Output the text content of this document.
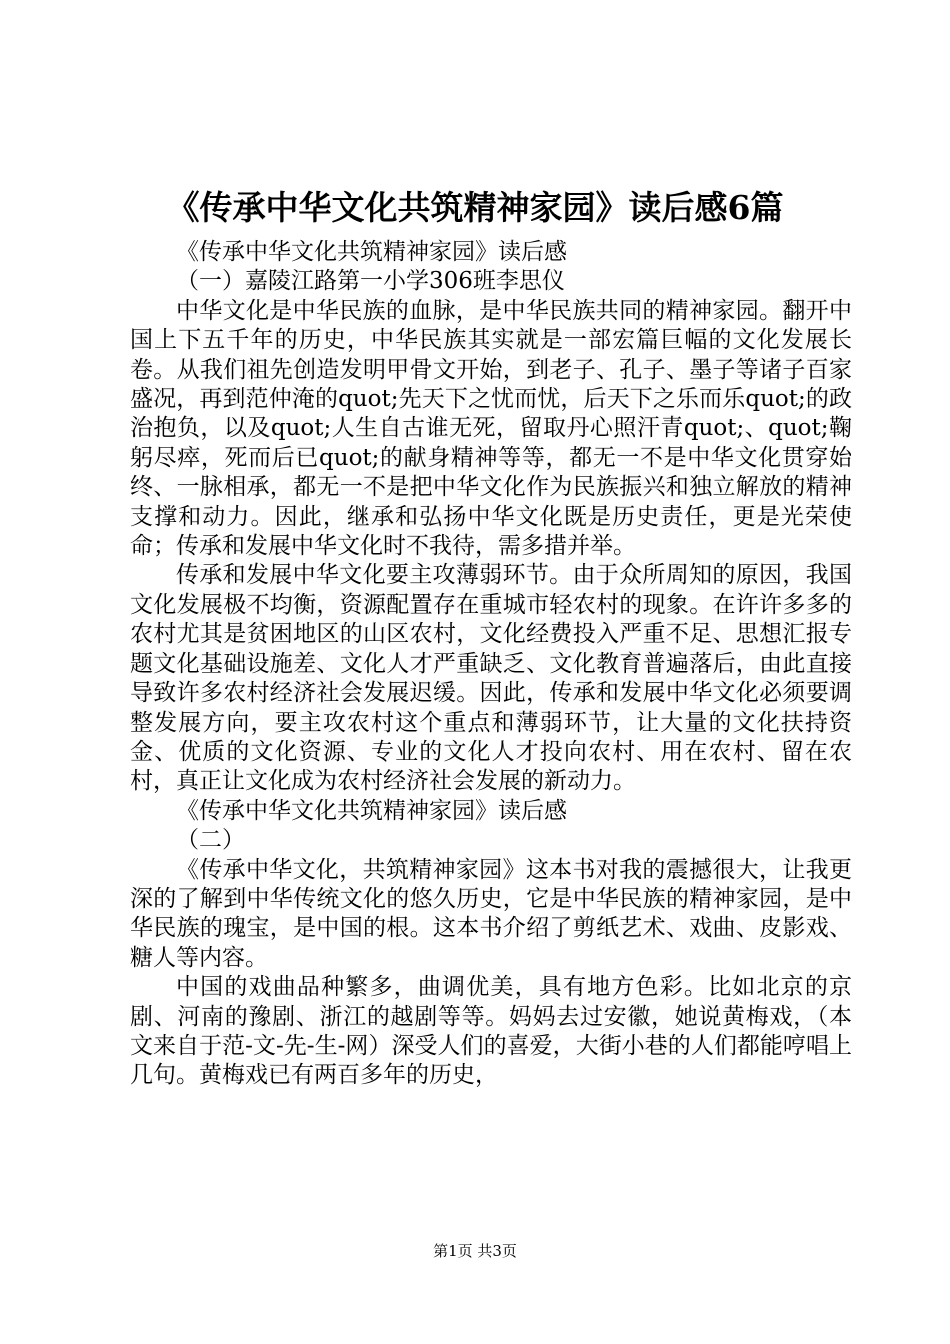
《传承中华文化共筑精神家园》读后感6篇

《传承中华文化共筑精神家园》读后感

（一）嘉陵江路第一小学306班李思仪

中华文化是中华民族的血脉，是中华民族共同的精神家园。翻开中国上下五千年的历史，中华民族其实就是一部宏篇巨幅的文化发展长卷。从我们祖先创造发明甲骨文开始，到老子、孔子、墨子等诸子百家盛况，再到范仲淹的quot;先天下之忧而忧，后天下之乐而乐quot;的政治抱负，以及quot;人生自古谁无死，留取丹心照汗青quot;、quot;鞠躬尽瘁，死而后已quot;的献身精神等等，都无一不是中华文化贯穿始终、一脉相承，都无一不是把中华文化作为民族振兴和独立解放的精神支撑和动力。因此，继承和弘扬中华文化既是历史责任，更是光荣使命；传承和发展中华文化时不我待，需多措并举。

传承和发展中华文化要主攻薄弱环节。由于众所周知的原因，我国文化发展极不均衡，资源配置存在重城市轻农村的现象。在许许多多的农村尤其是贫困地区的山区农村，文化经费投入严重不足、思想汇报专题文化基础设施差、文化人才严重缺乏、文化教育普遍落后，由此直接导致许多农村经济社会发展迟缓。因此，传承和发展中华文化必须要调整发展方向，要主攻农村这个重点和薄弱环节，让大量的文化扶持资金、优质的文化资源、专业的文化人才投向农村、用在农村、留在农村，真正让文化成为农村经济社会发展的新动力。

《传承中华文化共筑精神家园》读后感

（二）

《传承中华文化，共筑精神家园》这本书对我的震撼很大，让我更深的了解到中华传统文化的悠久历史，它是中华民族的精神家园，是中华民族的瑰宝，是中国的根。这本书介绍了剪纸艺术、戏曲、皮影戏、糖人等内容。

中国的戏曲品种繁多，曲调优美，具有地方色彩。比如北京的京剧、河南的豫剧、浙江的越剧等等。妈妈去过安徽，她说黄梅戏，（本文来自于范-文-先-生-网）深受人们的喜爱，大街小巷的人们都能哼唱上几句。黄梅戏已有两百多年的历史，

第1页 共3页
